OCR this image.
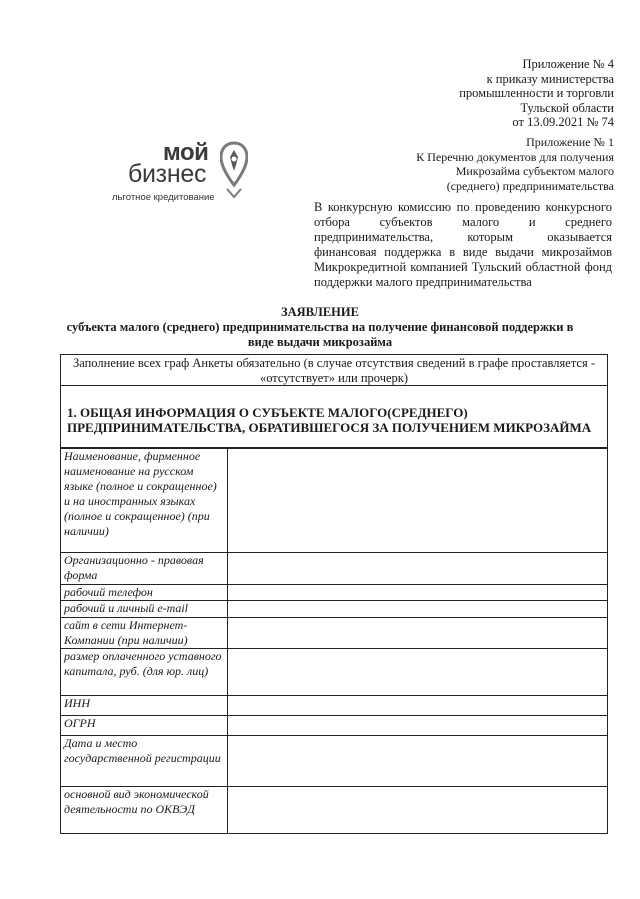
Приложение № 4
к приказу министерства
промышленности и торговли
Тульской области
от 13.09.2021 № 74
Приложение № 1
К Перечню документов для получения
Микрозайма субъектом малого
(среднего) предпринимательства
мой
бизнес
льготное кредитование
В конкурсную комиссию по проведению конкурсного отбора субъектов малого и среднего предпринимательства, которым оказывается финансовая поддержка в виде выдачи микрозаймов Микрокредитной компанией Тульский областной фонд поддержки малого предпринимательства
ЗАЯВЛЕНИЕ
субъекта малого (среднего) предпринимательства на получение финансовой поддержки в
виде выдачи микрозайма
Заполнение всех граф Анкеты обязательно (в случае отсутствия сведений в графе проставляется -
«отсутствует» или прочерк)
1. ОБЩАЯ ИНФОРМАЦИЯ О СУБЪЕКТЕ МАЛОГО(СРЕДНЕГО)
ПРЕДПРИНИМАТЕЛЬСТВА, ОБРАТИВШЕГОСЯ ЗА ПОЛУЧЕНИЕМ МИКРОЗАЙМА
Наименование, фирменное наименование на русском языке (полное и сокращенное) и на иностранных языках (полное и сокращенное) (при наличии)	
Организационно - правовая форма	
рабочий телефон	
рабочий и личный e-mail	
сайт в сети Интернет-Компании (при наличии)	
размер оплаченного уставного капитала, руб. (для юр. лиц)	
ИНН	
ОГРН	
Дата и место государственной регистрации	
основной вид экономической деятельности по ОКВЭД	
